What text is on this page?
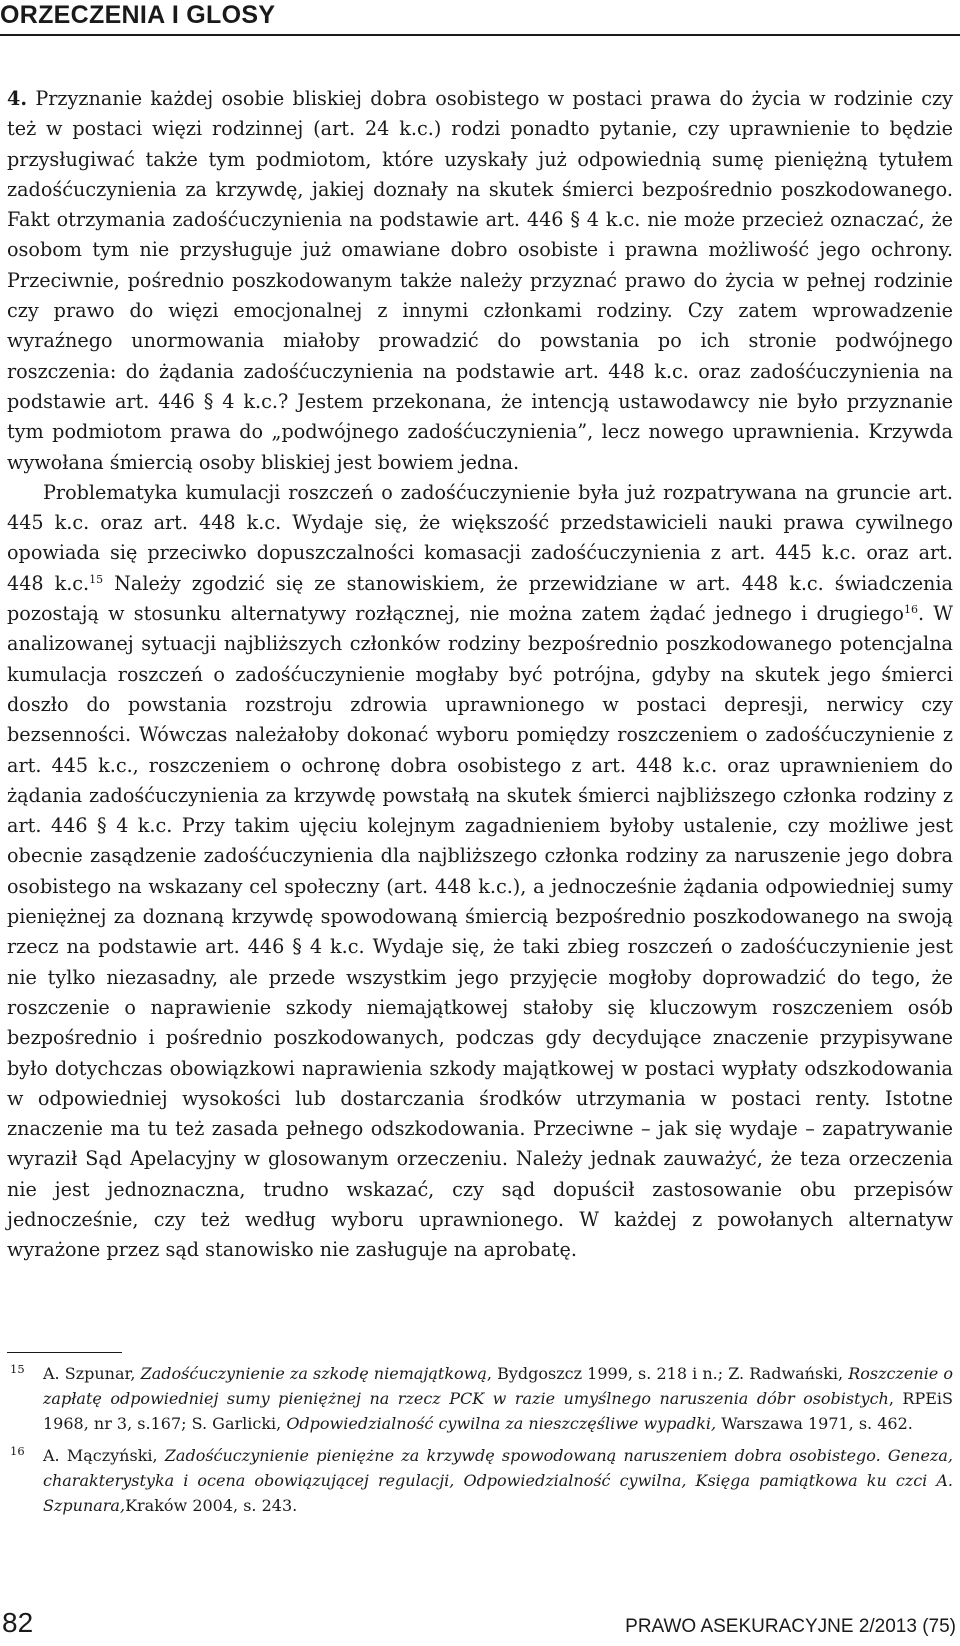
ORZECZENIA I GLOSY

4. Przyznanie każdej osobie bliskiej dobra osobistego w postaci prawa do życia w rodzinie czy też w postaci więzi rodzinnej (art. 24 k.c.) rodzi ponadto pytanie, czy uprawnienie to będzie przysługiwać także tym podmiotom, które uzyskały już odpowiednią sumę pieniężną tytułem zadośćuczynienia za krzywdę, jakiej doznały na skutek śmierci bezpośrednio poszkodowanego. Fakt otrzymania zadośćuczynienia na podstawie art. 446 § 4 k.c. nie może przecież oznaczać, że osobom tym nie przysługuje już omawiane dobro osobiste i prawna możliwość jego ochrony. Przeciwnie, pośrednio poszkodowanym także należy przyznać prawo do życia w pełnej rodzinie czy prawo do więzi emocjonalnej z innymi członkami rodziny. Czy zatem wprowadzenie wyraźnego unormowania miałoby prowadzić do powstania po ich stronie podwójnego roszczenia: do żądania zadośćuczynienia na podstawie art. 448 k.c. oraz zadośćuczynienia na podstawie art. 446 § 4 k.c.? Jestem przekonana, że intencją ustawodawcy nie było przyznanie tym podmiotom prawa do „podwójnego zadośćuczynienia”, lecz nowego uprawnienia. Krzywda wywołana śmiercią osoby bliskiej jest bowiem jedna.

Problematyka kumulacji roszczeń o zadośćuczynienie była już rozpatrywana na gruncie art. 445 k.c. oraz art. 448 k.c. Wydaje się, że większość przedstawicieli nauki prawa cywilnego opowiada się przeciwko dopuszczalności komasacji zadośćuczynienia z art. 445 k.c. oraz art. 448 k.c.$^{15}$ Należy zgodzić się ze stanowiskiem, że przewidziane w art. 448 k.c. świadczenia pozostają w stosunku alternatywy rozłącznej, nie można zatem żądać jednego i drugiego$^{16}$. W analizowanej sytuacji najbliższych członków rodziny bezpośrednio poszkodowanego potencjalna kumulacja roszczeń o zadośćuczynienie mogłaby być potrójna, gdyby na skutek jego śmierci doszło do powstania rozstroju zdrowia uprawnionego w postaci depresji, nerwicy czy bezsenności. Wówczas należałoby dokonać wyboru pomiędzy roszczeniem o zadośćuczynienie z art. 445 k.c., roszczeniem o ochronę dobra osobistego z art. 448 k.c. oraz uprawnieniem do żądania zadośćuczynienia za krzywdę powstałą na skutek śmierci najbliższego członka rodziny z art. 446 § 4 k.c. Przy takim ujęciu kolejnym zagadnieniem byłoby ustalenie, czy możliwe jest obecnie zasądzenie zadośćuczynienia dla najbliższego członka rodziny za naruszenie jego dobra osobistego na wskazany cel społeczny (art. 448 k.c.), a jednocześnie żądania odpowiedniej sumy pieniężnej za doznaną krzywdę spowodowaną śmiercią bezpośrednio poszkodowanego na swoją rzecz na podstawie art. 446 § 4 k.c. Wydaje się, że taki zbieg roszczeń o zadośćuczynienie jest nie tylko niezasadny, ale przede wszystkim jego przyjęcie mogłoby doprowadzić do tego, że roszczenie o naprawienie szkody niemajątkowej stałoby się kluczowym roszczeniem osób bezpośrednio i pośrednio poszkodowanych, podczas gdy decydujące znaczenie przypisywane było dotychczas obowiązkowi naprawienia szkody majątkowej w postaci wypłaty odszkodowania w odpowiedniej wysokości lub dostarczania środków utrzymania w postaci renty. Istotne znaczenie ma tu też zasada pełnego odszkodowania. Przeciwne – jak się wydaje – zapatrywanie wyraził Sąd Apelacyjny w glosowanym orzeczeniu. Należy jednak zauważyć, że teza orzeczenia nie jest jednoznaczna, trudno wskazać, czy sąd dopuścił zastosowanie obu przepisów jednocześnie, czy też według wyboru uprawnionego. W każdej z powołanych alternatyw wyrażone przez sąd stanowisko nie zasługuje na aprobatę.

15 A. Szpunar, Zadośćuczynienie za szkodę niemajątkową, Bydgoszcz 1999, s. 218 i n.; Z. Radwański, Roszczenie o zapłatę odpowiedniej sumy pieniężnej na rzecz PCK w razie umyślnego naruszenia dóbr osobistych, RPEiS 1968, nr 3, s.167; S. Garlicki, Odpowiedzialność cywilna za nieszczęśliwe wypadki, Warszawa 1971, s. 462.

16 A. Mączyński, Zadośćuczynienie pieniężne za krzywdę spowodowaną naruszeniem dobra osobistego. Geneza, charakterystyka i ocena obowiązującej regulacji, Odpowiedzialność cywilna, Księga pamiątkowa ku czci A. Szpunara,Kraków 2004, s. 243.

82	PRAWO ASEKURACYJNE 2/2013 (75)
